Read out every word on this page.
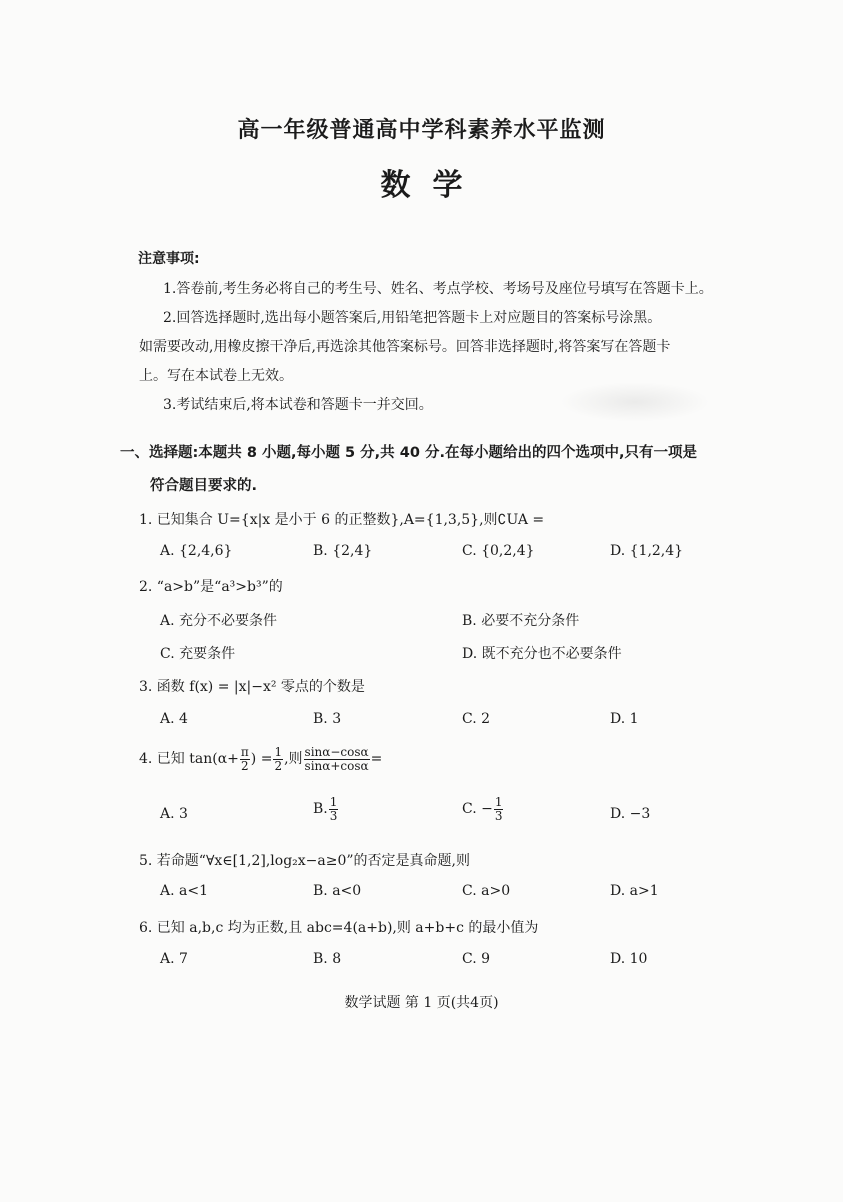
高一年级普通高中学科素养水平监测
数学
注意事项:
1.答卷前,考生务必将自己的考生号、姓名、考点学校、考场号及座位号填写在答题卡上。
2.回答选择题时,选出每小题答案后,用铅笔把答题卡上对应题目的答案标号涂黑。
如需要改动,用橡皮擦干净后,再选涂其他答案标号。回答非选择题时,将答案写在答题卡
上。写在本试卷上无效。
3.考试结束后,将本试卷和答题卡一并交回。
一、选择题:本题共 8 小题,每小题 5 分,共 40 分.在每小题给出的四个选项中,只有一项是
符合题目要求的.
1. 已知集合 U={x|x 是小于 6 的正整数},A={1,3,5},则∁UA =
A. {2,4,6}	B. {2,4}	C. {0,2,4}	D. {1,2,4}
2. “a>b”是“a³>b³”的
A. 充分不必要条件	B. 必要不充分条件
C. 充要条件	D. 既不充分也不必要条件
3. 函数 f(x) = |x|−x² 零点的个数是
A. 4	B. 3	C. 2	D. 1
4. 已知 $\tan(\alpha+ \frac{\pi}{2}$ ) = $\frac{1}{2}$ ,则 $\frac{\sin\alpha-\cos\alpha}{\sin\alpha+\cos\alpha}$ =
A. 3	B. $\frac{1}{3}$	C. − $\frac{1}{3}$	D. −3
5. 若命题“∀x∈[1,2],log₂x−a≥0”的否定是真命题,则
A. a<1	B. a<0	C. a>0	D. a>1
6. 已知 a,b,c 均为正数,且 abc=4(a+b),则 a+b+c 的最小值为
A. 7	B. 8	C. 9	D. 10
数学试题 第 1 页(共4页)
